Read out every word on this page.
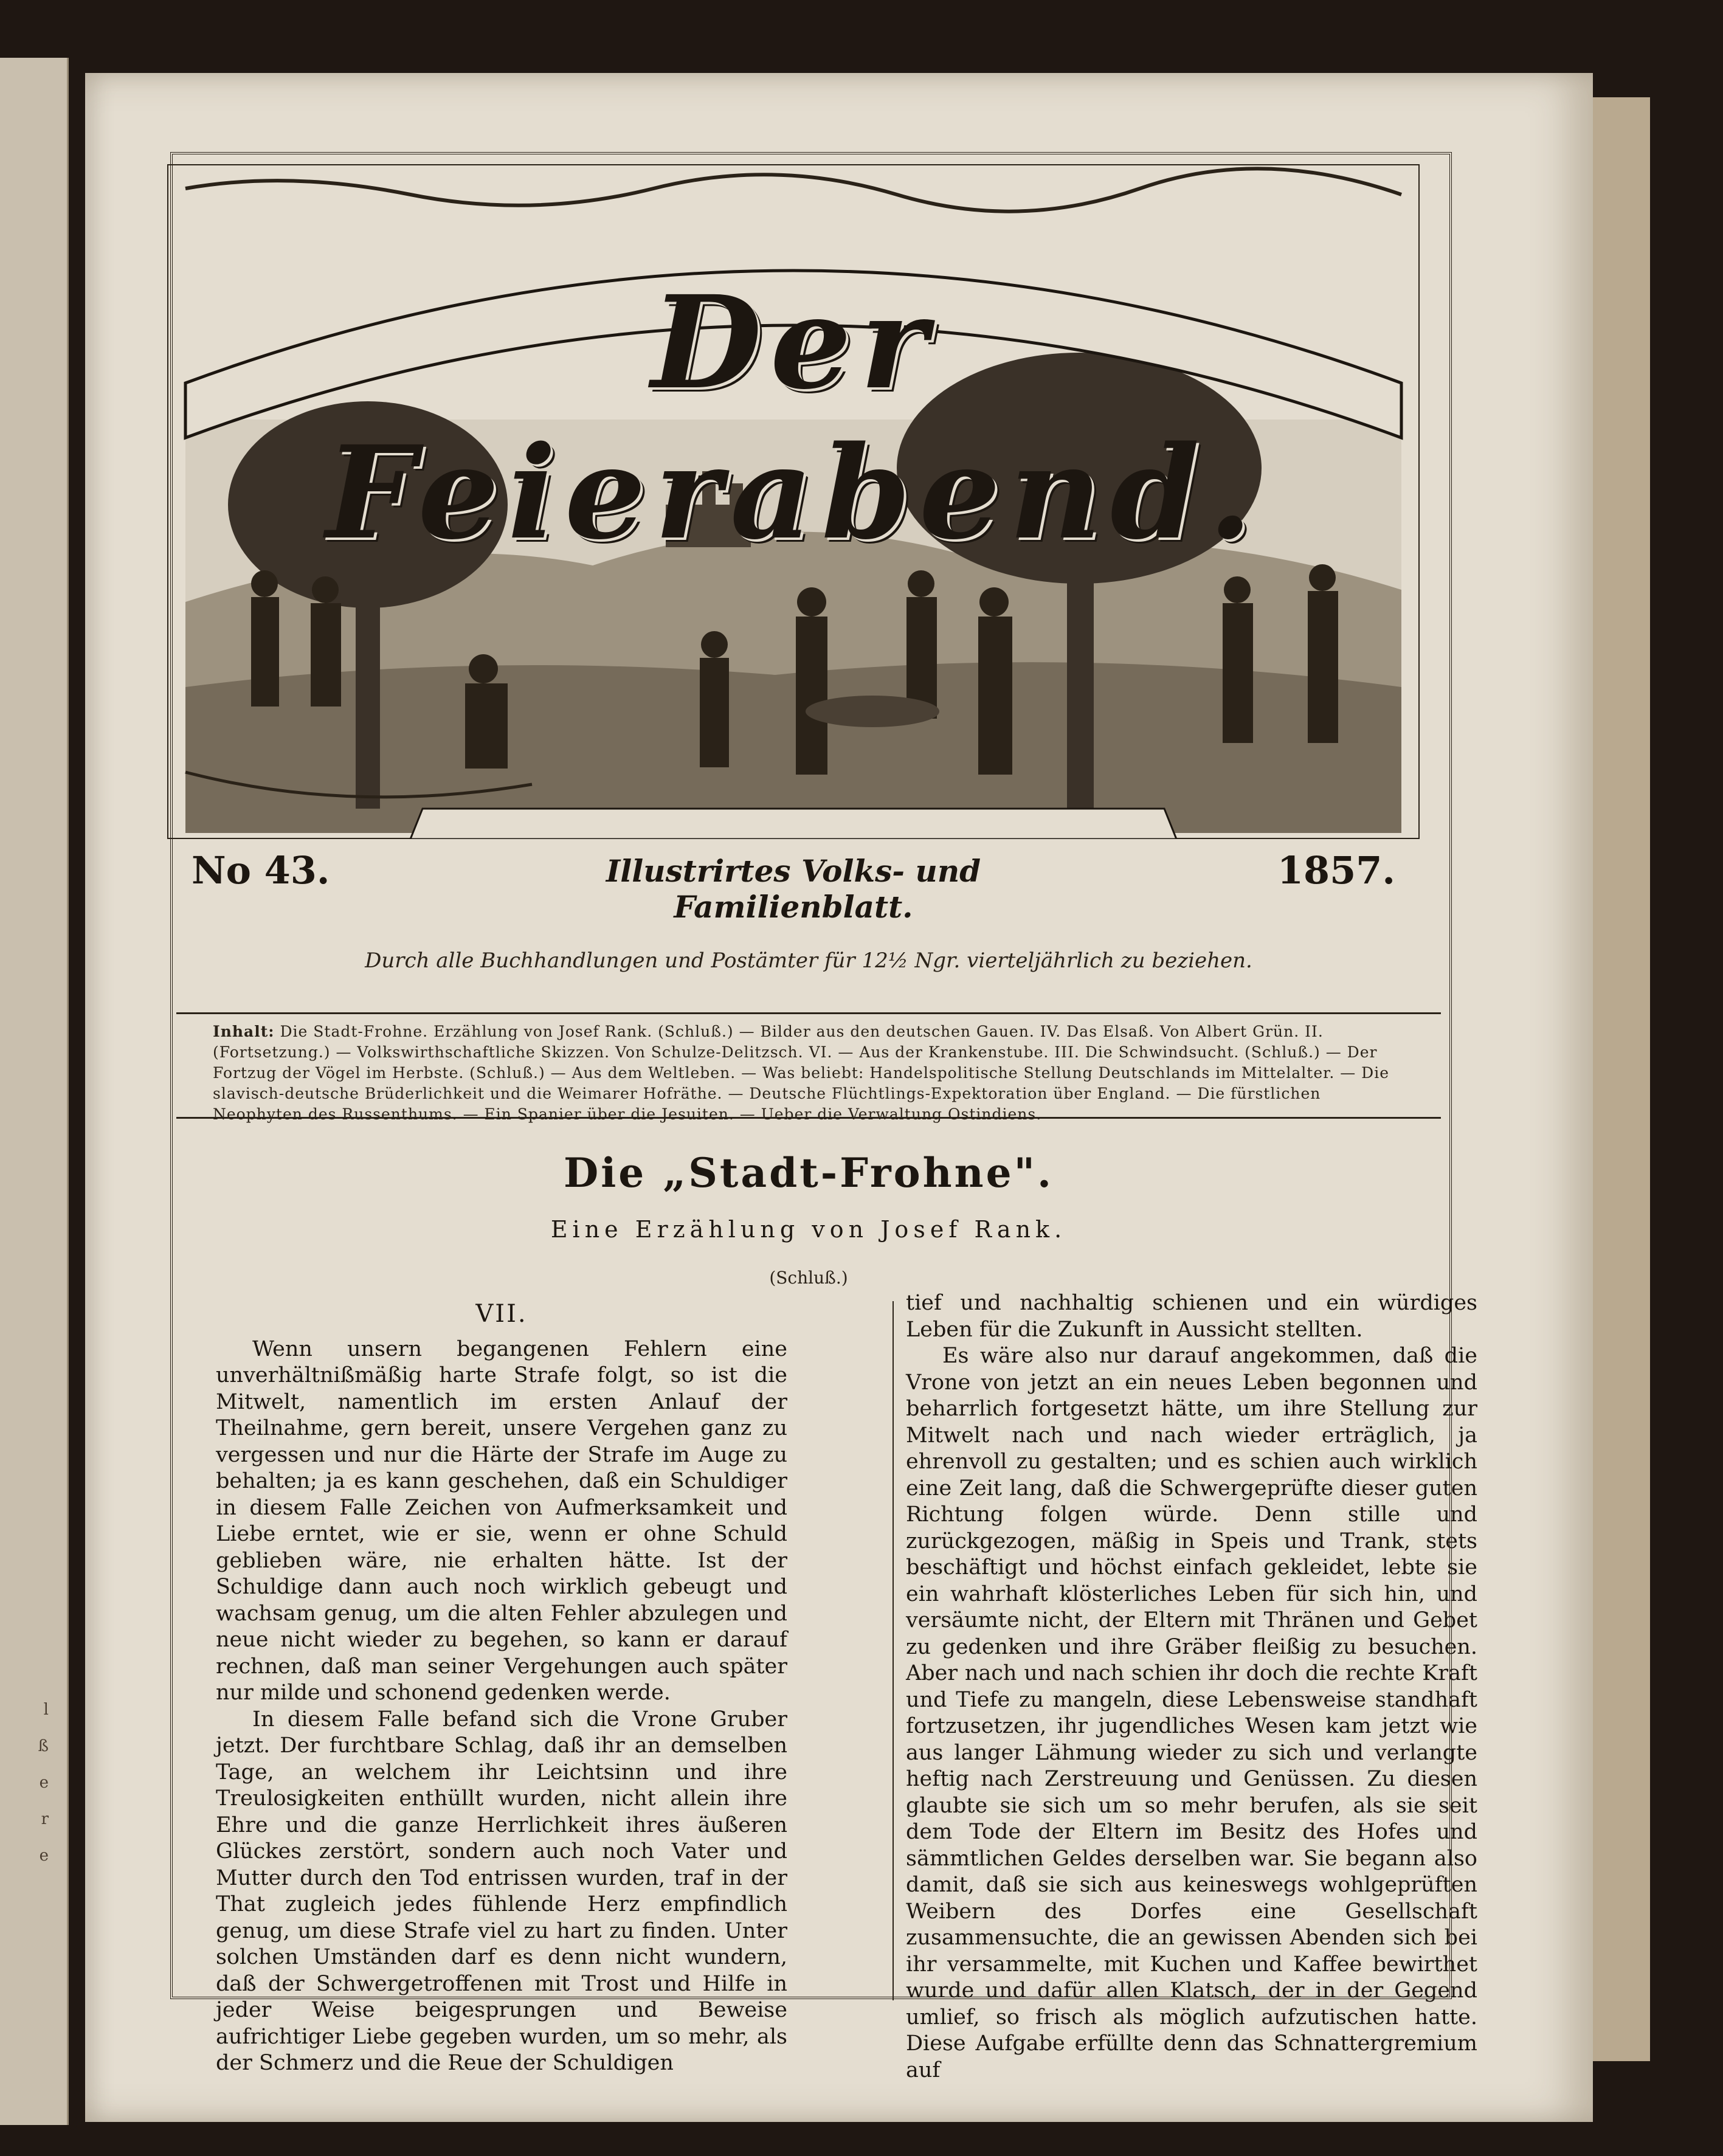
l
ß
e
r
e
Der Feierabend.
No 43.	Illustrirtes Volks- und Familienblatt.
1857.
Durch alle Buchhandlungen und Postämter für 12½ Ngr. vierteljährlich zu beziehen.
Inhalt: Die Stadt-Frohne. Erzählung von Josef Rank. (Schluß.) — Bilder aus den deutschen Gauen. IV. Das Elsaß. Von Albert Grün. II. (Fortsetzung.) — Volkswirthschaftliche Skizzen. Von Schulze-Delitzsch. VI. — Aus der Krankenstube. III. Die Schwindsucht. (Schluß.) — Der Fortzug der Vögel im Herbste. (Schluß.) — Aus dem Weltleben. — Was beliebt: Handelspolitische Stellung Deutschlands im Mittelalter. — Die slavisch-deutsche Brüderlichkeit und die Weimarer Hofräthe. — Deutsche Flüchtlings-Expektoration über England. — Die fürstlichen Neophyten des Russenthums. — Ein Spanier über die Jesuiten. — Ueber die Verwaltung Ostindiens.
Die „Stadt-Frohne".
Eine Erzählung von Josef Rank.
(Schluß.)
VII.

Wenn unsern begangenen Fehlern eine unverhältnißmäßig harte Strafe folgt, so ist die Mitwelt, namentlich im ersten Anlauf der Theilnahme, gern bereit, unsere Vergehen ganz zu vergessen und nur die Härte der Strafe im Auge zu behalten; ja es kann geschehen, daß ein Schuldiger in diesem Falle Zeichen von Aufmerksamkeit und Liebe erntet, wie er sie, wenn er ohne Schuld geblieben wäre, nie erhalten hätte. Ist der Schuldige dann auch noch wirklich gebeugt und wachsam genug, um die alten Fehler abzulegen und neue nicht wieder zu begehen, so kann er darauf rechnen, daß man seiner Vergehungen auch später nur milde und schonend gedenken werde.

In diesem Falle befand sich die Vrone Gruber jetzt. Der furchtbare Schlag, daß ihr an demselben Tage, an welchem ihr Leichtsinn und ihre Treulosigkeiten enthüllt wurden, nicht allein ihre Ehre und die ganze Herrlichkeit ihres äußeren Glückes zerstört, sondern auch noch Vater und Mutter durch den Tod entrissen wurden, traf in der That zugleich jedes fühlende Herz empfindlich genug, um diese Strafe viel zu hart zu finden. Unter solchen Umständen darf es denn nicht wundern, daß der Schwergetroffenen mit Trost und Hilfe in jeder Weise beigesprungen und Beweise aufrichtiger Liebe gegeben wurden, um so mehr, als der Schmerz und die Reue der Schuldigen

tief und nachhaltig schienen und ein würdiges Leben für die Zukunft in Aussicht stellten.

Es wäre also nur darauf angekommen, daß die Vrone von jetzt an ein neues Leben begonnen und beharrlich fortgesetzt hätte, um ihre Stellung zur Mitwelt nach und nach wieder erträglich, ja ehrenvoll zu gestalten; und es schien auch wirklich eine Zeit lang, daß die Schwergeprüfte dieser guten Richtung folgen würde. Denn stille und zurückgezogen, mäßig in Speis und Trank, stets beschäftigt und höchst einfach gekleidet, lebte sie ein wahrhaft klösterliches Leben für sich hin, und versäumte nicht, der Eltern mit Thränen und Gebet zu gedenken und ihre Gräber fleißig zu besuchen. Aber nach und nach schien ihr doch die rechte Kraft und Tiefe zu mangeln, diese Lebensweise standhaft fortzusetzen, ihr jugendliches Wesen kam jetzt wie aus langer Lähmung wieder zu sich und verlangte heftig nach Zerstreuung und Genüssen. Zu diesen glaubte sie sich um so mehr berufen, als sie seit dem Tode der Eltern im Besitz des Hofes und sämmtlichen Geldes derselben war. Sie begann also damit, daß sie sich aus keineswegs wohlgeprüften Weibern des Dorfes eine Gesellschaft zusammensuchte, die an gewissen Abenden sich bei ihr versammelte, mit Kuchen und Kaffee bewirthet wurde und dafür allen Klatsch, der in der Gegend umlief, so frisch als möglich aufzutischen hatte. Diese Aufgabe erfüllte denn das Schnattergremium auf
